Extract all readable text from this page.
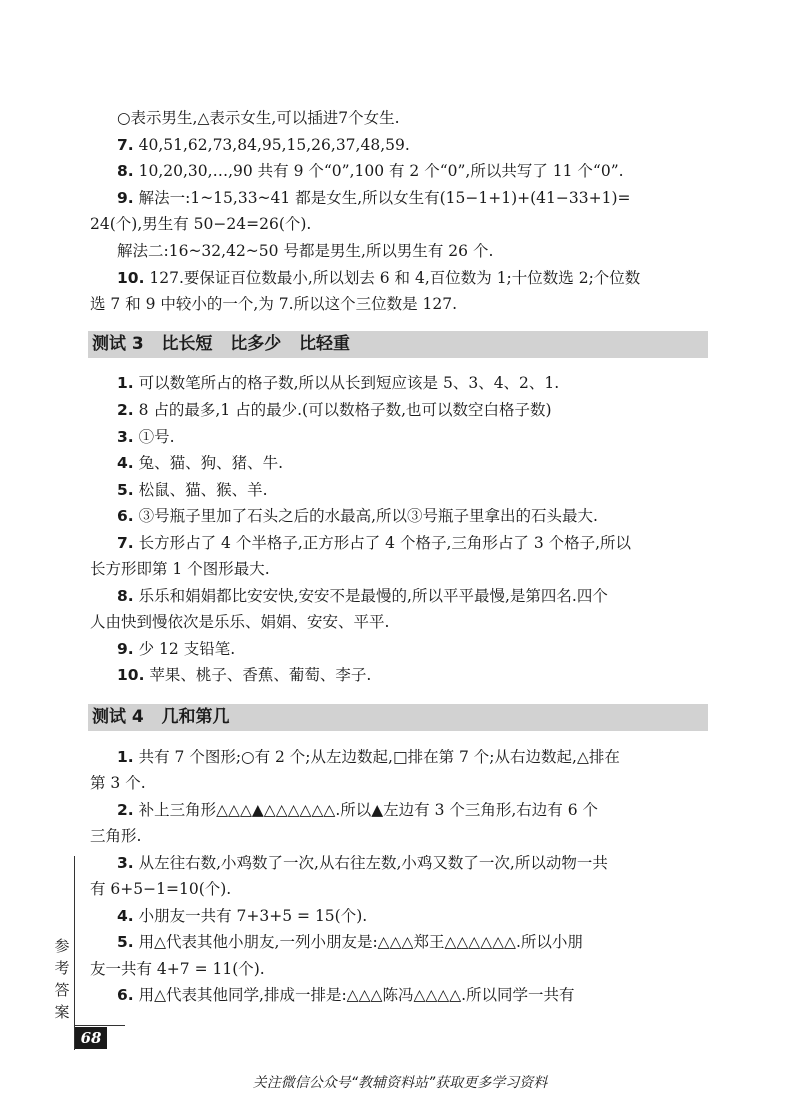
○表示男生,△表示女生,可以插进7个女生.
7. 40,51,62,73,84,95,15,26,37,48,59.
8. 10,20,30,…,90 共有 9 个“0”,100 有 2 个“0”,所以共写了 11 个“0”.
9. 解法一:1~15,33~41 都是女生,所以女生有(15−1+1)+(41−33+1)=
24(个),男生有 50−24=26(个).
解法二:16~32,42~50 号都是男生,所以男生有 26 个.
10. 127.要保证百位数最小,所以划去 6 和 4,百位数为 1;十位数选 2;个位数
选 7 和 9 中较小的一个,为 7.所以这个三位数是 127.
测试 3   比长短   比多少   比轻重
1. 可以数笔所占的格子数,所以从长到短应该是 5、3、4、2、1.
2. 8 占的最多,1 占的最少.(可以数格子数,也可以数空白格子数)
3. ①号.
4. 兔、猫、狗、猪、牛.
5. 松鼠、猫、猴、羊.
6. ③号瓶子里加了石头之后的水最高,所以③号瓶子里拿出的石头最大.
7. 长方形占了 4 个半格子,正方形占了 4 个格子,三角形占了 3 个格子,所以
长方形即第 1 个图形最大.
8. 乐乐和娟娟都比安安快,安安不是最慢的,所以平平最慢,是第四名.四个
人由快到慢依次是乐乐、娟娟、安安、平平.
9. 少 12 支铅笔.
10. 苹果、桃子、香蕉、葡萄、李子.
测试 4   几和第几
1. 共有 7 个图形;○有 2 个;从左边数起,□排在第 7 个;从右边数起,△排在
第 3 个.
2. 补上三角形△△△▲△△△△△△.所以▲左边有 3 个三角形,右边有 6 个
三角形.
3. 从左往右数,小鸡数了一次,从右往左数,小鸡又数了一次,所以动物一共
有 6+5−1=10(个).
4. 小朋友一共有 7+3+5 = 15(个).
5. 用△代表其他小朋友,一列小朋友是:△△△郑王△△△△△△.所以小朋
友一共有 4+7 = 11(个).
6. 用△代表其他同学,排成一排是:△△△陈冯△△△△.所以同学一共有
参考答案
68
关注微信公众号“教辅资料站”获取更多学习资料
